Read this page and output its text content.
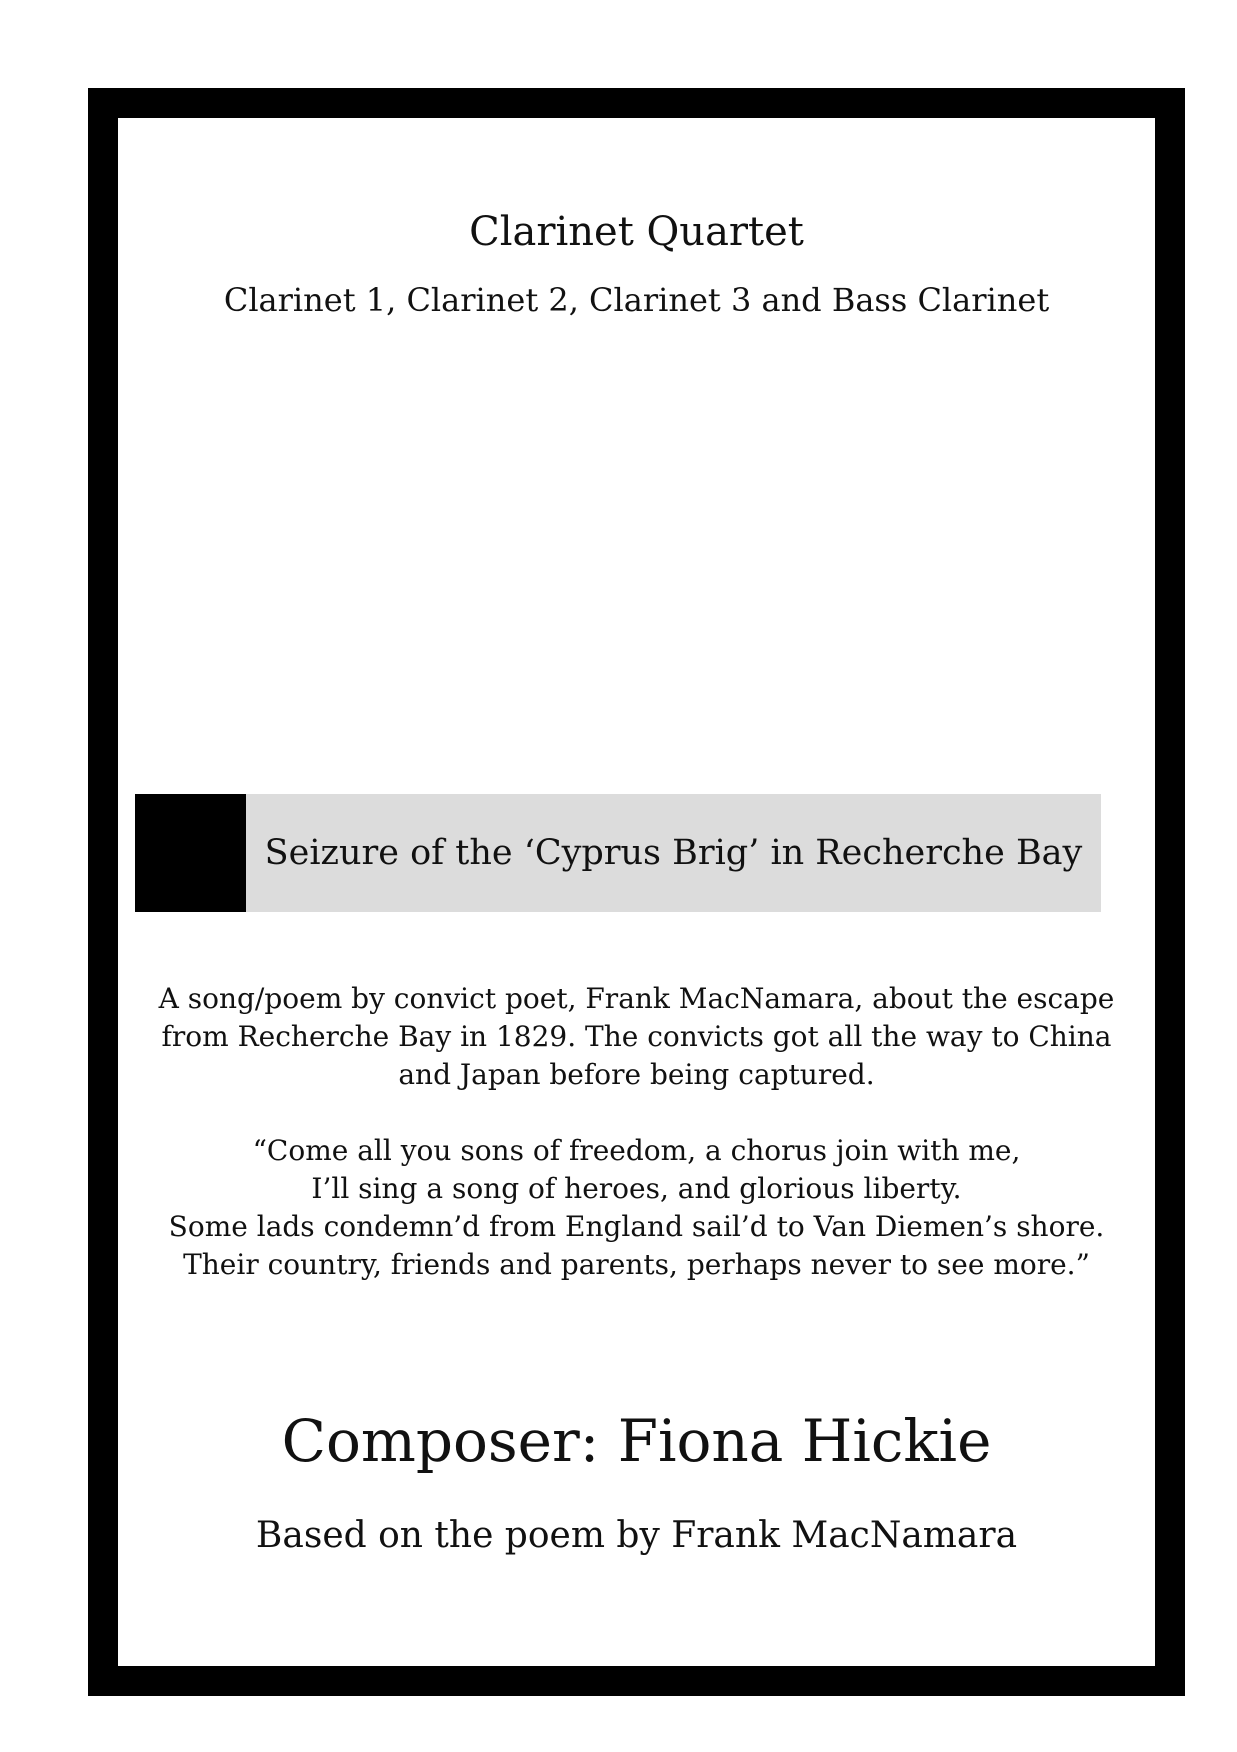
Clarinet Quartet
Clarinet 1, Clarinet 2, Clarinet 3 and Bass Clarinet
Seizure of the ‘Cyprus Brig’ in Recherche Bay
A song/poem by convict poet, Frank MacNamara, about the escape
from Recherche Bay in 1829. The convicts got all the way to China
and Japan before being captured.
“Come all you sons of freedom, a chorus join with me,
I’ll sing a song of heroes, and glorious liberty.
Some lads condemn’d from England sail’d to Van Diemen’s shore.
Their country, friends and parents, perhaps never to see more.”
Composer: Fiona Hickie
Based on the poem by Frank MacNamara
